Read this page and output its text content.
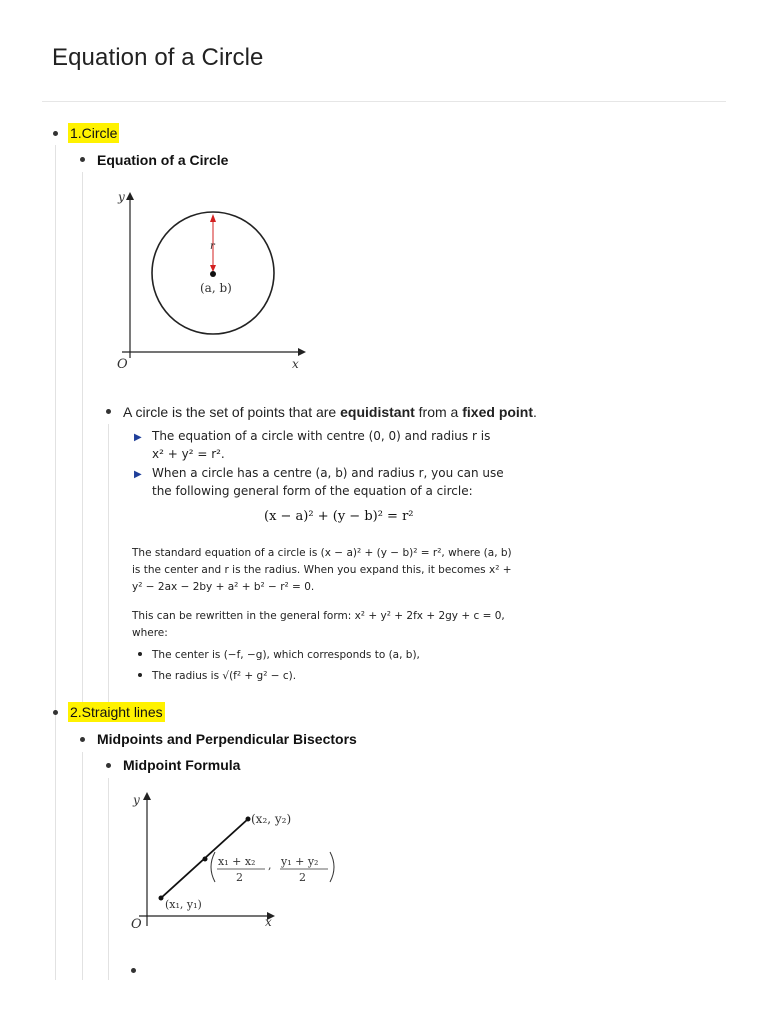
Equation of a Circle
1.Circle
Equation of a Circle
y
x
O
r
(a, b)
A circle is the set of points that are equidistant from a fixed point.
▶ The equation of a circle with centre (0, 0) and radius r is
x² + y² = r².
▶ When a circle has a centre (a, b) and radius r, you can use
the following general form of the equation of a circle:
(x − a)² + (y − b)² = r²
The standard equation of a circle is (x − a)² + (y − b)² = r², where (a, b)
is the center and r is the radius. When you expand this, it becomes x² +
y² − 2ax − 2by + a² + b² − r² = 0.
This can be rewritten in the general form: x² + y² + 2fx + 2gy + c = 0,
where:
The center is (−f, −g), which corresponds to (a, b),
The radius is √(f² + g² − c).
2.Straight lines
Midpoints and Perpendicular Bisectors
Midpoint Formula
y
x
O
(x₁, y₁)
(x₂, y₂)
x₁ + x₂
2
, y₁ + y₂
2
